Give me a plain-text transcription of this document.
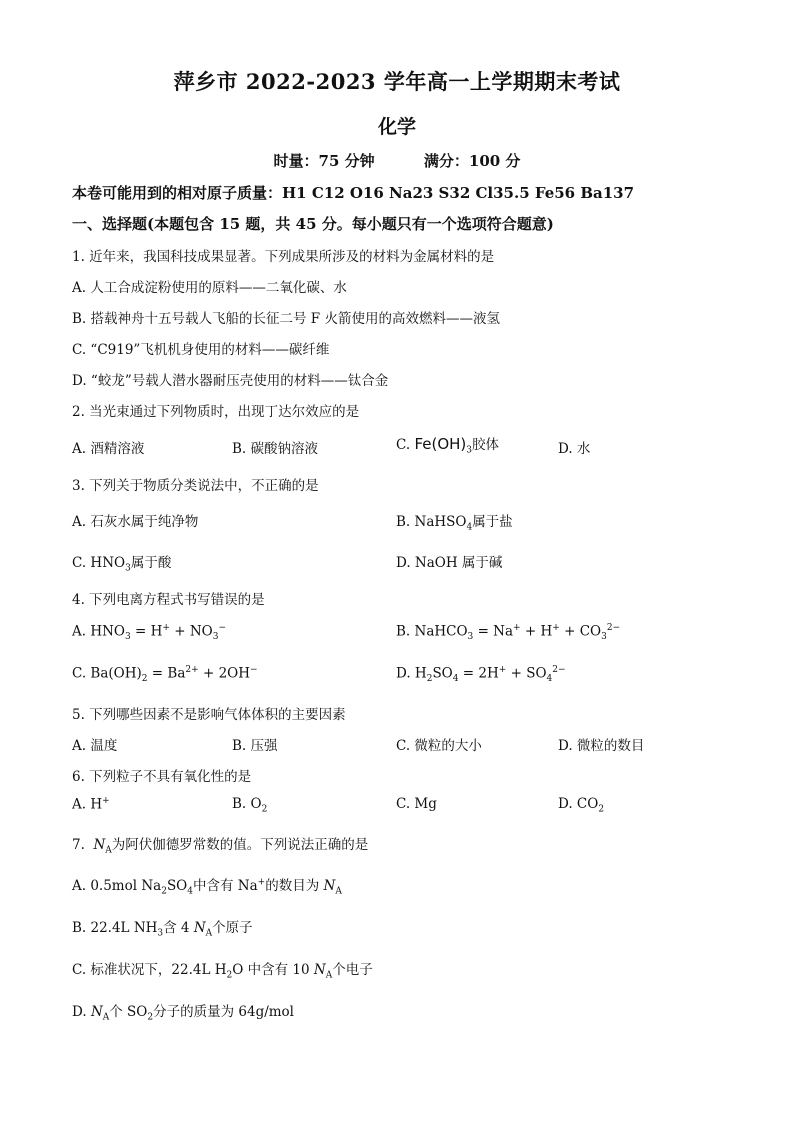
萍乡市 2022-2023 学年高一上学期期末考试
化学
时量：75 分钟	满分：100 分
本卷可能用到的相对原子质量：H1 C12 O16 Na23 S32 Cl35.5 Fe56 Ba137
一、选择题(本题包含 15 题，共 45 分。每小题只有一个选项符合题意)
1. 近年来，我国科技成果显著。下列成果所涉及的材料为金属材料的是
A. 人工合成淀粉使用的原料——二氧化碳、水
B. 搭载神舟十五号载人飞船的长征二号 F 火箭使用的高效燃料——液氢
C. “C919”飞机机身使用的材料——碳纤维
D. “蛟龙”号载人潜水器耐压壳使用的材料——钛合金
2. 当光束通过下列物质时，出现丁达尔效应的是
A. 酒精溶液	B. 碳酸钠溶液	C. $Fe(OH)_3$胶体	D. 水
3. 下列关于物质分类说法中，不正确的是
A. 石灰水属于纯净物	B. NaHSO$_4$属于盐
C. $HNO_3$属于酸	D. NaOH 属于碱
4. 下列电离方程式书写错误的是
A. $HNO_3 = H^+ + NO_3^-$	B. NaHCO$_3$ = $Na^+ + H^+ + CO_3^{2-}$
C. $Ba(OH)_2 = Ba^{2+} + 2OH^-$	D. $H_2SO_4 = 2H^+ + SO_4^{2-}$
5. 下列哪些因素不是影响气体体积的主要因素
A. 温度	B. 压强	C. 微粒的大小	D. 微粒的数目
6. 下列粒子不具有氧化性的是
A. H+	B. $O_2$	C. Mg	D. $CO_2$
7. $N_A$为阿伏伽德罗常数的值。下列说法正确的是
A. 0.5mol $Na_2SO_4$中含有 Na+的数目为 $N_A$
B. 22.4L $NH_3$含 4 $N_A$个原子
C. 标准状况下，22.4L $H_2O$ 中含有 10 $N_A$个电子
D. $N_A$个 $SO_2$分子的质量为 64g/mol
